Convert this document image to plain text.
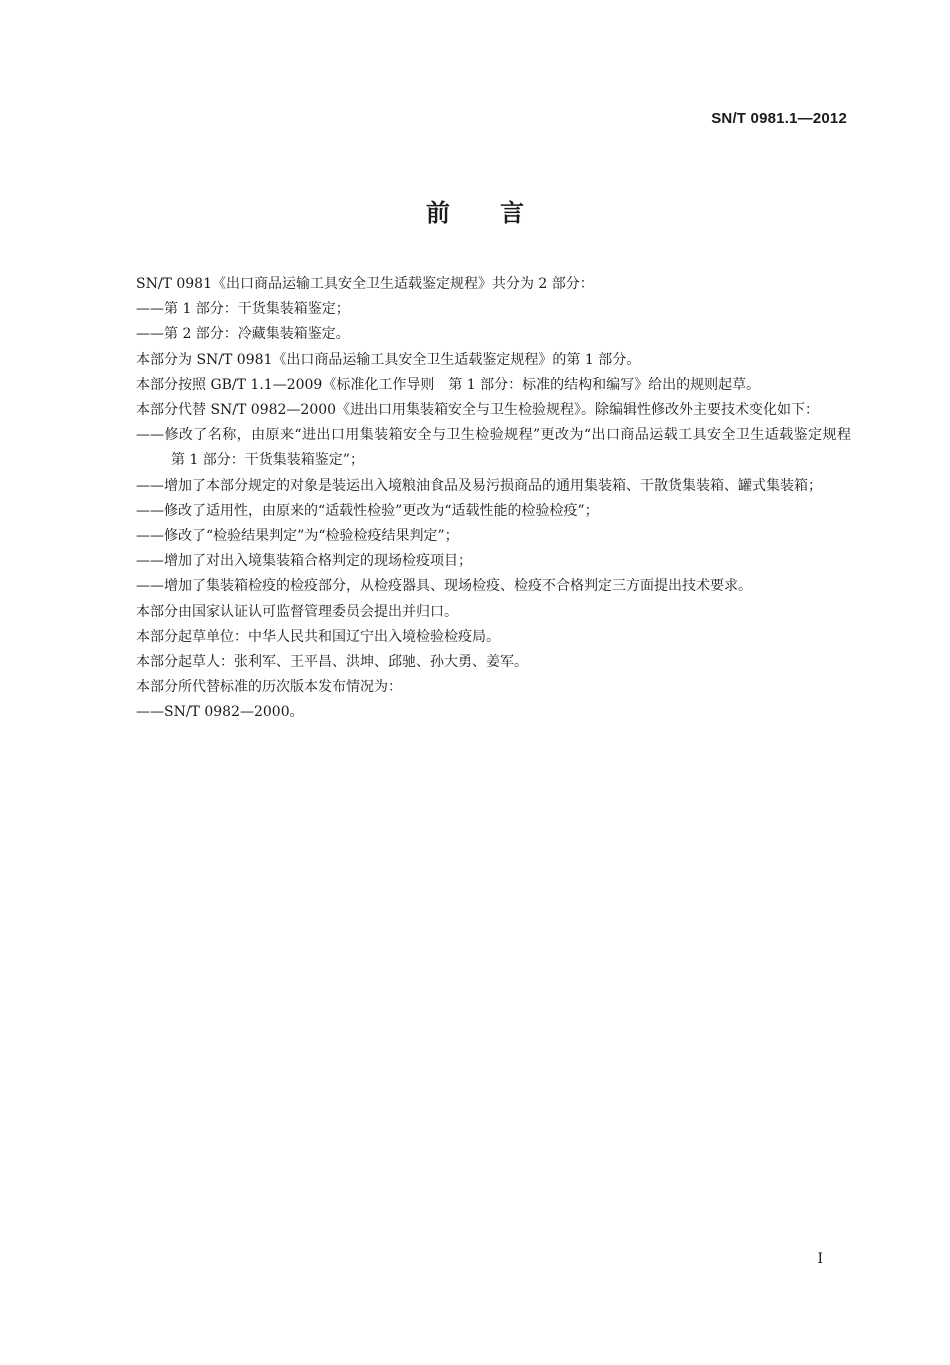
SN/T 0981.1—2012
前言

SN/T 0981《出口商品运输工具安全卫生适载鉴定规程》共分为 2 部分：

——第 1 部分：干货集装箱鉴定；

——第 2 部分：冷藏集装箱鉴定。

本部分为 SN/T 0981《出口商品运输工具安全卫生适载鉴定规程》的第 1 部分。

本部分按照 GB/T 1.1—2009《标准化工作导则　第 1 部分：标准的结构和编写》给出的规则起草。

本部分代替 SN/T 0982—2000《进出口用集装箱安全与卫生检验规程》。除编辑性修改外主要技术变化如下：

——修改了名称，由原来“进出口用集装箱安全与卫生检验规程”更改为“出口商品运载工具安全卫生适载鉴定规程　第 1 部分：干货集装箱鉴定”；

——增加了本部分规定的对象是装运出入境粮油食品及易污损商品的通用集装箱、干散货集装箱、罐式集装箱；

——修改了适用性，由原来的“适载性检验”更改为“适载性能的检验检疫”；

——修改了“检验结果判定”为“检验检疫结果判定”；

——增加了对出入境集装箱合格判定的现场检疫项目；

——增加了集装箱检疫的检疫部分，从检疫器具、现场检疫、检疫不合格判定三方面提出技术要求。

本部分由国家认证认可监督管理委员会提出并归口。

本部分起草单位：中华人民共和国辽宁出入境检验检疫局。

本部分起草人：张利军、王平昌、洪坤、邱驰、孙大勇、姜军。

本部分所代替标准的历次版本发布情况为：

——SN/T 0982—2000。

I
